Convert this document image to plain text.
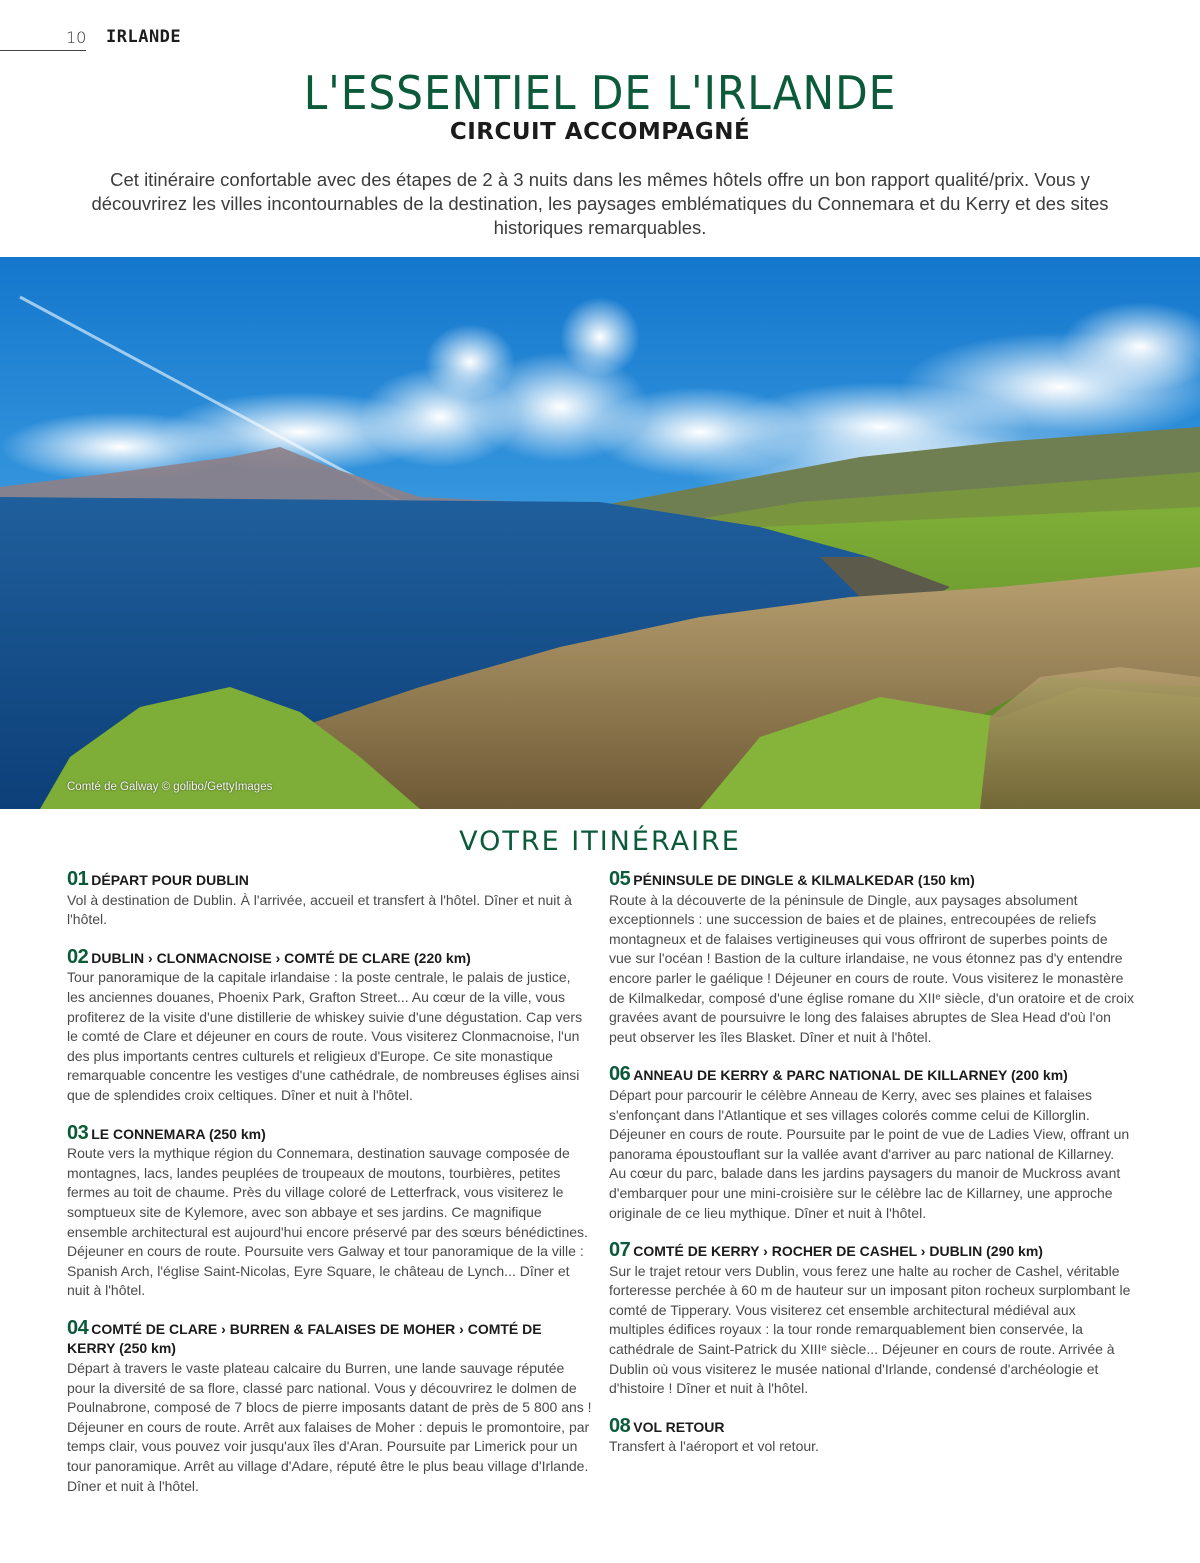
10 IRLANDE
L'ESSENTIEL DE L'IRLANDE
CIRCUIT ACCOMPAGNÉ

Cet itinéraire confortable avec des étapes de 2 à 3 nuits dans les mêmes hôtels offre un bon rapport qualité/prix. Vous y découvrirez les villes incontournables de la destination, les paysages emblématiques du Connemara et du Kerry et des sites historiques remarquables.

Comté de Galway © golibo/GettyImages
VOTRE ITINÉRAIRE
01 DÉPART POUR DUBLIN

Vol à destination de Dublin. À l'arrivée, accueil et transfert à l'hôtel. Dîner et nuit à l'hôtel.

02 DUBLIN › CLONMACNOISE › COMTÉ DE CLARE (220 km)

Tour panoramique de la capitale irlandaise : la poste centrale, le palais de justice, les anciennes douanes, Phoenix Park, Grafton Street... Au cœur de la ville, vous profiterez de la visite d'une distillerie de whiskey suivie d'une dégustation. Cap vers le comté de Clare et déjeuner en cours de route. Vous visiterez Clonmacnoise, l'un des plus importants centres culturels et religieux d'Europe. Ce site monastique remarquable concentre les vestiges d'une cathédrale, de nombreuses églises ainsi que de splendides croix celtiques. Dîner et nuit à l'hôtel.

03 LE CONNEMARA (250 km)

Route vers la mythique région du Connemara, destination sauvage composée de montagnes, lacs, landes peuplées de troupeaux de moutons, tourbières, petites fermes au toit de chaume. Près du village coloré de Letterfrack, vous visiterez le somptueux site de Kylemore, avec son abbaye et ses jardins. Ce magnifique ensemble architectural est aujourd'hui encore préservé par des sœurs bénédictines. Déjeuner en cours de route. Poursuite vers Galway et tour panoramique de la ville : Spanish Arch, l'église Saint-Nicolas, Eyre Square, le château de Lynch... Dîner et nuit à l'hôtel.

04 COMTÉ DE CLARE › BURREN & FALAISES DE MOHER › COMTÉ DE KERRY (250 km)

Départ à travers le vaste plateau calcaire du Burren, une lande sauvage réputée pour la diversité de sa flore, classé parc national. Vous y découvrirez le dolmen de Poulnabrone, composé de 7 blocs de pierre imposants datant de près de 5 800 ans ! Déjeuner en cours de route. Arrêt aux falaises de Moher : depuis le promontoire, par temps clair, vous pouvez voir jusqu'aux îles d'Aran. Poursuite par Limerick pour un tour panoramique. Arrêt au village d'Adare, réputé être le plus beau village d'Irlande. Dîner et nuit à l'hôtel.

05 PÉNINSULE DE DINGLE & KILMALKEDAR (150 km)

Route à la découverte de la péninsule de Dingle, aux paysages absolument exceptionnels : une succession de baies et de plaines, entrecoupées de reliefs montagneux et de falaises vertigineuses qui vous offriront de superbes points de vue sur l'océan ! Bastion de la culture irlandaise, ne vous étonnez pas d'y entendre encore parler le gaélique ! Déjeuner en cours de route. Vous visiterez le monastère de Kilmalkedar, composé d'une église romane du XIIᵉ siècle, d'un oratoire et de croix gravées avant de poursuivre le long des falaises abruptes de Slea Head d'où l'on peut observer les îles Blasket. Dîner et nuit à l'hôtel.

06 ANNEAU DE KERRY & PARC NATIONAL DE KILLARNEY (200 km)

Départ pour parcourir le célèbre Anneau de Kerry, avec ses plaines et falaises s'enfonçant dans l'Atlantique et ses villages colorés comme celui de Killorglin. Déjeuner en cours de route. Poursuite par le point de vue de Ladies View, offrant un panorama époustouflant sur la vallée avant d'arriver au parc national de Killarney. Au cœur du parc, balade dans les jardins paysagers du manoir de Muckross avant d'embarquer pour une mini-croisière sur le célèbre lac de Killarney, une approche originale de ce lieu mythique. Dîner et nuit à l'hôtel.

07 COMTÉ DE KERRY › ROCHER DE CASHEL › DUBLIN (290 km)

Sur le trajet retour vers Dublin, vous ferez une halte au rocher de Cashel, véritable forteresse perchée à 60 m de hauteur sur un imposant piton rocheux surplombant le comté de Tipperary. Vous visiterez cet ensemble architectural médiéval aux multiples édifices royaux : la tour ronde remarquablement bien conservée, la cathédrale de Saint-Patrick du XIIIᵉ siècle... Déjeuner en cours de route. Arrivée à Dublin où vous visiterez le musée national d'Irlande, condensé d'archéologie et d'histoire ! Dîner et nuit à l'hôtel.

08 VOL RETOUR

Transfert à l'aéroport et vol retour.
